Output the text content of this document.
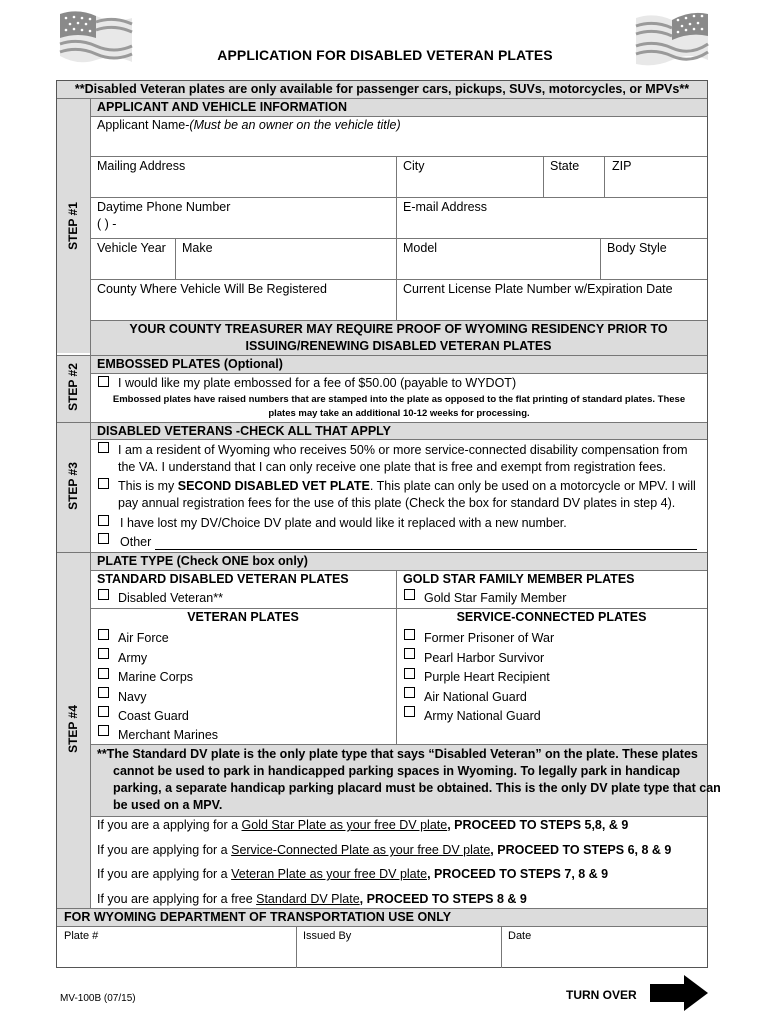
APPLICATION FOR DISABLED VETERAN PLATES
**Disabled Veteran plates are only available for passenger cars, pickups, SUVs, motorcycles, or MPVs**
STEP #1
STEP #2
STEP #3
STEP #4
APPLICANT AND VEHICLE INFORMATION
Applicant Name-(Must be an owner on the vehicle title)
Mailing Address	City	State	ZIP
Daytime Phone Number
( ) -
E-mail Address
Vehicle Year Make	Model	Body Style
County Where Vehicle Will Be Registered	Current License Plate Number w/Expiration Date
YOUR COUNTY TREASURER MAY REQUIRE PROOF OF WYOMING RESIDENCY PRIOR TO
ISSUING/RENEWING DISABLED VETERAN PLATES
EMBOSSED PLATES (Optional)
I would like my plate embossed for a fee of $50.00 (payable to WYDOT)
Embossed plates have raised numbers that are stamped into the plate as opposed to the flat printing of standard plates. These
plates may take an additional 10-12 weeks for processing.
DISABLED VETERANS -CHECK ALL THAT APPLY
I am a resident of Wyoming who receives 50% or more service-connected disability compensation from
the VA. I understand that I can only receive one plate that is free and exempt from registration fees.
This is my SECOND DISABLED VET PLATE. This plate can only be used on a motorcycle or MPV. I will
pay annual registration fees for the use of this plate (Check the box for standard DV plates in step 4).
I have lost my DV/Choice DV plate and would like it replaced with a new number.
Other
PLATE TYPE (Check ONE box only)
STANDARD DISABLED VETERAN PLATES
Disabled Veteran**
GOLD STAR FAMILY MEMBER PLATES
Gold Star Family Member
VETERAN PLATES	SERVICE-CONNECTED PLATES
Air Force
Army
Marine Corps
Navy
Coast Guard
Merchant Marines
Former Prisoner of War
Pearl Harbor Survivor
Purple Heart Recipient
Air National Guard
Army National Guard
**The Standard DV plate is the only plate type that says “Disabled Veteran” on the plate. These plates
cannot be used to park in handicapped parking spaces in Wyoming. To legally park in handicap
parking, a separate handicap parking placard must be obtained. This is the only DV plate type that can
be used on a MPV.
If you are a applying for a Gold Star Plate as your free DV plate, PROCEED TO STEPS 5,8, & 9
If you are applying for a Service-Connected Plate as your free DV plate, PROCEED TO STEPS 6, 8 & 9
If you are applying for a Veteran Plate as your free DV plate, PROCEED TO STEPS 7, 8 & 9
If you are applying for a free Standard DV Plate, PROCEED TO STEPS 8 & 9
FOR WYOMING DEPARTMENT OF TRANSPORTATION USE ONLY
Plate #	Issued By	Date
MV-100B (07/15)	TURN OVER
